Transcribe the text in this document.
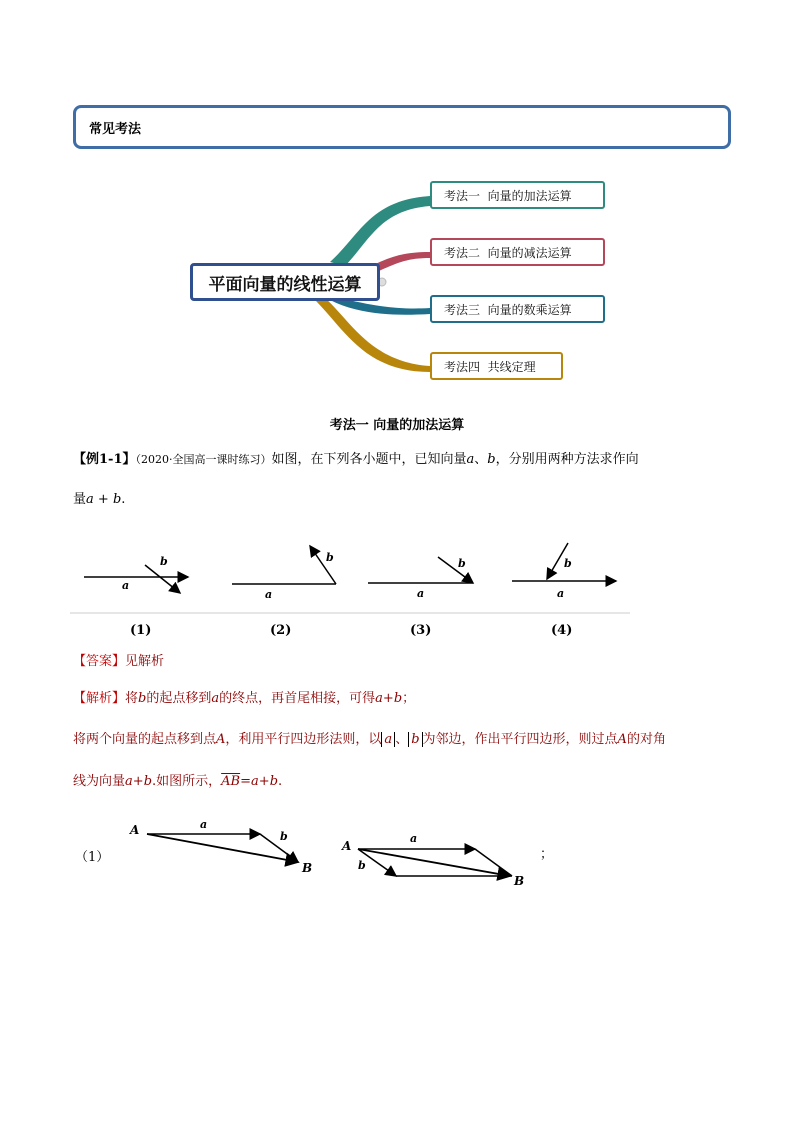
常见考法
平面向量的线性运算
考法一  向量的加法运算
考法二  向量的减法运算
考法三  向量的数乘运算
考法四  共线定理
考法一 向量的加法运算
【例1-1】（2020·全国高一课时练习）如图，在下列各小题中，已知向量a、b，分别用两种方法求作向
量a + b.
a
b
a
b
a
b
a
b
(1)	(2)	(3)	(4)
【答案】见解析
【解析】将b的起点移到a的终点，再首尾相接，可得a+b；
将两个向量的起点移到点A，利用平行四边形法则，以 a 、 b 为邻边，作出平行四边形，则过点A的对角
线为向量a+b.如图所示，$\overline{AB}=a+b$.
（1）
A	a
b
B
A
a
b
B
；
